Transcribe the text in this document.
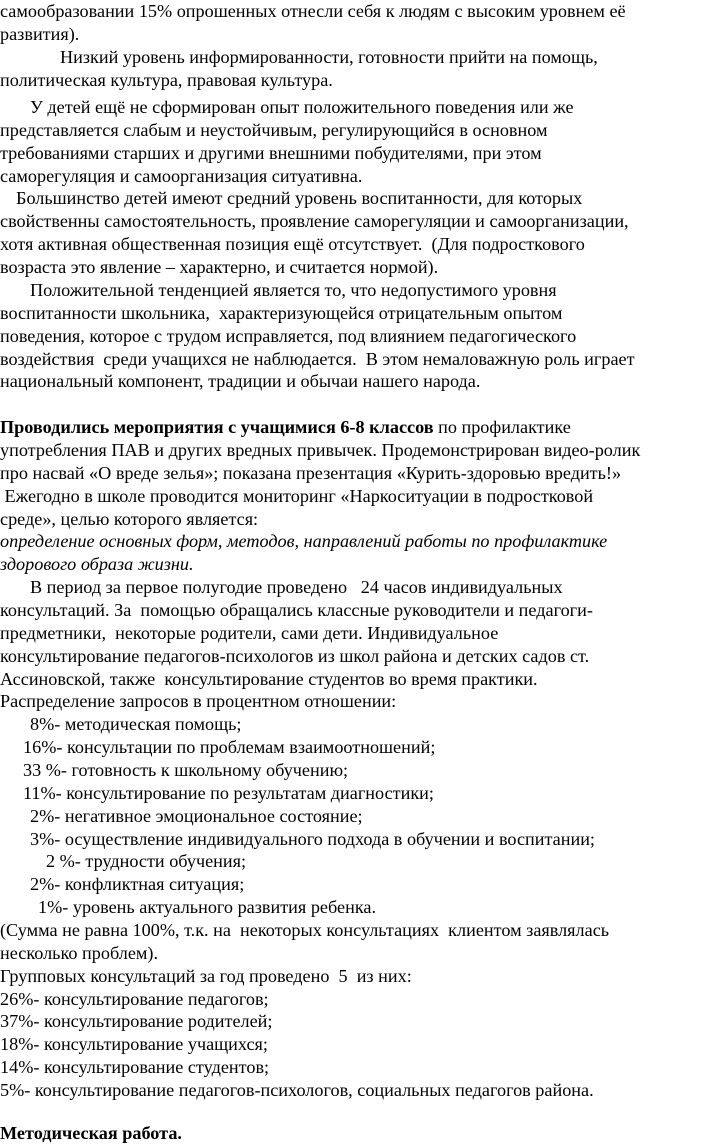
самообразовании 15% опрошенных отнесли себя к людям с высоким уровнем её
развития).
Низкий уровень информированности, готовности прийти на помощь,
политическая культура, правовая культура.
У детей ещё не сформирован опыт положительного поведения или же
представляется слабым и неустойчивым, регулирующийся в основном
требованиями старших и другими внешними побудителями, при этом
саморегуляция и самоорганизация ситуативна.
Большинство детей имеют средний уровень воспитанности, для которых
свойственны самостоятельность, проявление саморегуляции и самоорганизации,
хотя активная общественная позиция ещё отсутствует.  (Для подросткового
возраста это явление – характерно, и считается нормой).
Положительной тенденцией является то, что недопустимого уровня
воспитанности школьника,  характеризующейся отрицательным опытом
поведения, которое с трудом исправляется, под влиянием педагогического
воздействия  среди учащихся не наблюдается.  В этом немаловажную роль играет
национальный компонент, традиции и обычаи нашего народа.
Проводились мероприятия с учащимися 6-8 классов по профилактике
употребления ПАВ и других вредных привычек. Продемонстрирован видео-ролик
про насвай «О вреде зелья»; показана презентация «Курить-здоровью вредить!»
Ежегодно в школе проводится мониторинг «Наркоситуации в подростковой
среде», целью которого является:
определение основных форм, методов, направлений работы по профилактике
здорового образа жизни.
В период за первое полугодие проведено   24 часов индивидуальных
консультаций. За  помощью обращались классные руководители и педагоги-
предметники,  некоторые родители, сами дети. Индивидуальное
консультирование педагогов-психологов из школ района и детских садов ст.
Ассиновской, также  консультирование студентов во время практики.
Распределение запросов в процентном отношении:
8%- методическая помощь;
16%- консультации по проблемам взаимоотношений;
33 %- готовность к школьному обучению;
11%- консультирование по результатам диагностики;
2%- негативное эмоциональное состояние;
3%- осуществление индивидуального подхода в обучении и воспитании;
2 %- трудности обучения;
2%- конфликтная ситуация;
1%- уровень актуального развития ребенка.
(Сумма не равна 100%, т.к. на  некоторых консультациях  клиентом заявлялась
несколько проблем).
Групповых консультаций за год проведено  5  из них:
26%- консультирование педагогов;
37%- консультирование родителей;
18%- консультирование учащихся;
14%- консультирование студентов;
5%- консультирование педагогов-психологов, социальных педагогов района.
Методическая работа.
